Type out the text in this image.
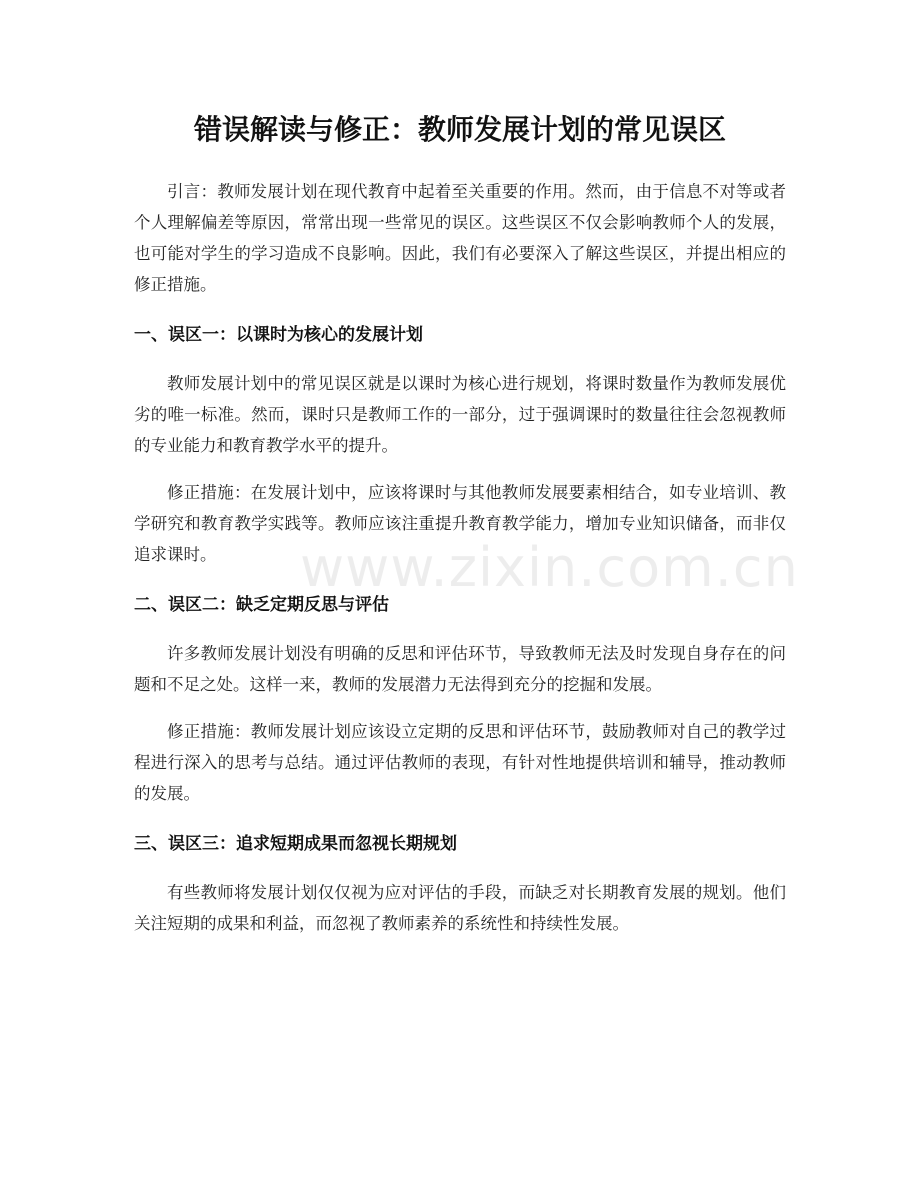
错误解读与修正：教师发展计划的常见误区

引言：教师发展计划在现代教育中起着至关重要的作用。然而，由于信息不对等或者个人理解偏差等原因，常常出现一些常见的误区。这些误区不仅会影响教师个人的发展，也可能对学生的学习造成不良影响。因此，我们有必要深入了解这些误区，并提出相应的修正措施。

一、误区一：以课时为核心的发展计划

教师发展计划中的常见误区就是以课时为核心进行规划，将课时数量作为教师发展优劣的唯一标准。然而，课时只是教师工作的一部分，过于强调课时的数量往往会忽视教师的专业能力和教育教学水平的提升。

修正措施：在发展计划中，应该将课时与其他教师发展要素相结合，如专业培训、教学研究和教育教学实践等。教师应该注重提升教育教学能力，增加专业知识储备，而非仅追求课时。

二、误区二：缺乏定期反思与评估

许多教师发展计划没有明确的反思和评估环节，导致教师无法及时发现自身存在的问题和不足之处。这样一来，教师的发展潜力无法得到充分的挖掘和发展。

修正措施：教师发展计划应该设立定期的反思和评估环节，鼓励教师对自己的教学过程进行深入的思考与总结。通过评估教师的表现，有针对性地提供培训和辅导，推动教师的发展。

三、误区三：追求短期成果而忽视长期规划

有些教师将发展计划仅仅视为应对评估的手段，而缺乏对长期教育发展的规划。他们关注短期的成果和利益，而忽视了教师素养的系统性和持续性发展。

www.zixin.com.cn
